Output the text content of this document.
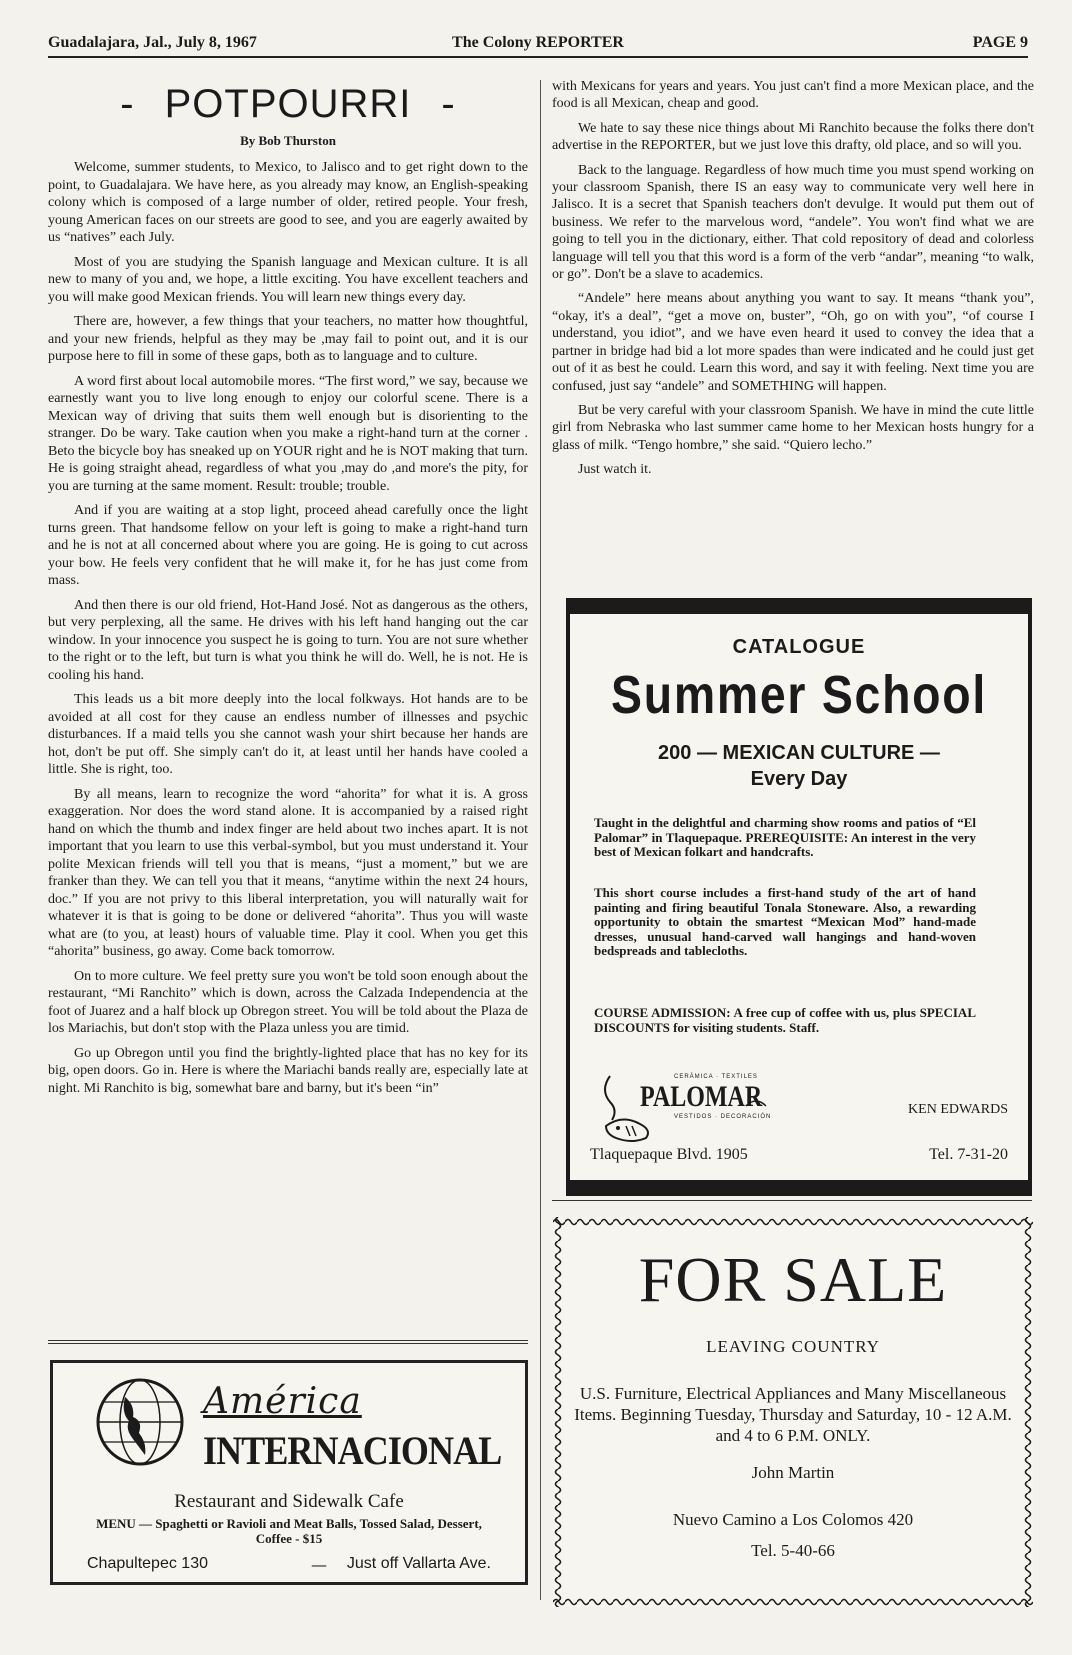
Guadalajara, Jal., July 8, 1967	The Colony REPORTER	PAGE 9
- POTPOURRI -
By Bob Thurston

Welcome, summer students, to Mexico, to Jalisco and to get right down to the point, to Guadalajara. We have here, as you already may know, an English-speaking colony which is composed of a large number of older, retired people. Your fresh, young American faces on our streets are good to see, and you are eagerly awaited by us “natives” each July.

Most of you are studying the Spanish language and Mexican culture. It is all new to many of you and, we hope, a little exciting. You have excellent teachers and you will make good Mexican friends. You will learn new things every day.

There are, however, a few things that your teachers, no matter how thoughtful, and your new friends, helpful as they may be ,may fail to point out, and it is our purpose here to fill in some of these gaps, both as to language and to culture.

A word first about local automobile mores. “The first word,” we say, because we earnestly want you to live long enough to enjoy our colorful scene. There is a Mexican way of driving that suits them well enough but is disorienting to the stranger. Do be wary. Take caution when you make a right-hand turn at the corner . Beto the bicycle boy has sneaked up on YOUR right and he is NOT making that turn. He is going straight ahead, regardless of what you ,may do ,and more's the pity, for you are turning at the same moment. Result: trouble; trouble.

And if you are waiting at a stop light, proceed ahead carefully once the light turns green. That handsome fellow on your left is going to make a right-hand turn and he is not at all concerned about where you are going. He is going to cut across your bow. He feels very confident that he will make it, for he has just come from mass.

And then there is our old friend, Hot-Hand José. Not as dangerous as the others, but very perplexing, all the same. He drives with his left hand hanging out the car window. In your innocence you suspect he is going to turn. You are not sure whether to the right or to the left, but turn is what you think he will do. Well, he is not. He is cooling his hand.

This leads us a bit more deeply into the local folkways. Hot hands are to be avoided at all cost for they cause an endless number of illnesses and psychic disturbances. If a maid tells you she cannot wash your shirt because her hands are hot, don't be put off. She simply can't do it, at least until her hands have cooled a little. She is right, too.

By all means, learn to recognize the word “ahorita” for what it is. A gross exaggeration. Nor does the word stand alone. It is accompanied by a raised right hand on which the thumb and index finger are held about two inches apart. It is not important that you learn to use this verbal-symbol, but you must understand it. Your polite Mexican friends will tell you that is means, “just a moment,” but we are franker than they. We can tell you that it means, “anytime within the next 24 hours, doc.” If you are not privy to this liberal interpretation, you will naturally wait for whatever it is that is going to be done or delivered “ahorita”. Thus you will waste what are (to you, at least) hours of valuable time. Play it cool. When you get this “ahorita” business, go away. Come back tomorrow.

On to more culture. We feel pretty sure you won't be told soon enough about the restaurant, “Mi Ranchito” which is down, across the Calzada Independencia at the foot of Juarez and a half block up Obregon street. You will be told about the Plaza de los Mariachis, but don't stop with the Plaza unless you are timid.

Go up Obregon until you find the brightly-lighted place that has no key for its big, open doors. Go in. Here is where the Mariachi bands really are, especially late at night. Mi Ranchito is big, somewhat bare and barny, but it's been “in”

with Mexicans for years and years. You just can't find a more Mexican place, and the food is all Mexican, cheap and good.

We hate to say these nice things about Mi Ranchito because the folks there don't advertise in the REPORTER, but we just love this drafty, old place, and so will you.

Back to the language. Regardless of how much time you must spend working on your classroom Spanish, there IS an easy way to communicate very well here in Jalisco. It is a secret that Spanish teachers don't devulge. It would put them out of business. We refer to the marvelous word, “andele”. You won't find what we are going to tell you in the dictionary, either. That cold repository of dead and colorless language will tell you that this word is a form of the verb “andar”, meaning “to walk, or go”. Don't be a slave to academics.

“Andele” here means about anything you want to say. It means “thank you”, “okay, it's a deal”, “get a move on, buster”, “Oh, go on with you”, “of course I understand, you idiot”, and we have even heard it used to convey the idea that a partner in bridge had bid a lot more spades than were indicated and he could just get out of it as best he could. Learn this word, and say it with feeling. Next time you are confused, just say “andele” and SOMETHING will happen.

But be very careful with your classroom Spanish. We have in mind the cute little girl from Nebraska who last summer came home to her Mexican hosts hungry for a glass of milk. “Tengo hombre,” she said. “Quiero lecho.”

Just watch it.

América
INTERNACIONAL
Restaurant and Sidewalk Cafe
MENU — Spaghetti or Ravioli and Meat Balls, Tossed Salad, Dessert, Coffee - $15
Chapultepec 130	— Just off Vallarta Ave.
CATALOGUE
Summer School
200 — MEXICAN CULTURE —
Every Day
Taught in the delightful and charming show rooms and patios of “El Palomar” in Tlaquepaque. PREREQUISITE: An interest in the very best of Mexican folkart and handcrafts.
This short course includes a first-hand study of the art of hand painting and firing beautiful Tonala Stoneware. Also, a rewarding opportunity to obtain the smartest “Mexican Mod” hand-made dresses, unusual hand-carved wall hangings and hand-woven bedspreads and tablecloths.
COURSE ADMISSION: A free cup of coffee with us, plus SPECIAL DISCOUNTS for visiting students. Staff.
CERÁMICA · TEXTILES
PALOMAR
VESTIDOS · DECORACIÓN	KEN EDWARDS
Tlaquepaque Blvd. 1905	Tel. 7-31-20
FOR SALE
LEAVING COUNTRY
U.S. Furniture, Electrical Appliances and Many Miscellaneous Items. Beginning Tuesday, Thursday and Saturday, 10 - 12 A.M. and 4 to 6 P.M. ONLY.
John Martin
Nuevo Camino a Los Colomos 420
Tel. 5-40-66
